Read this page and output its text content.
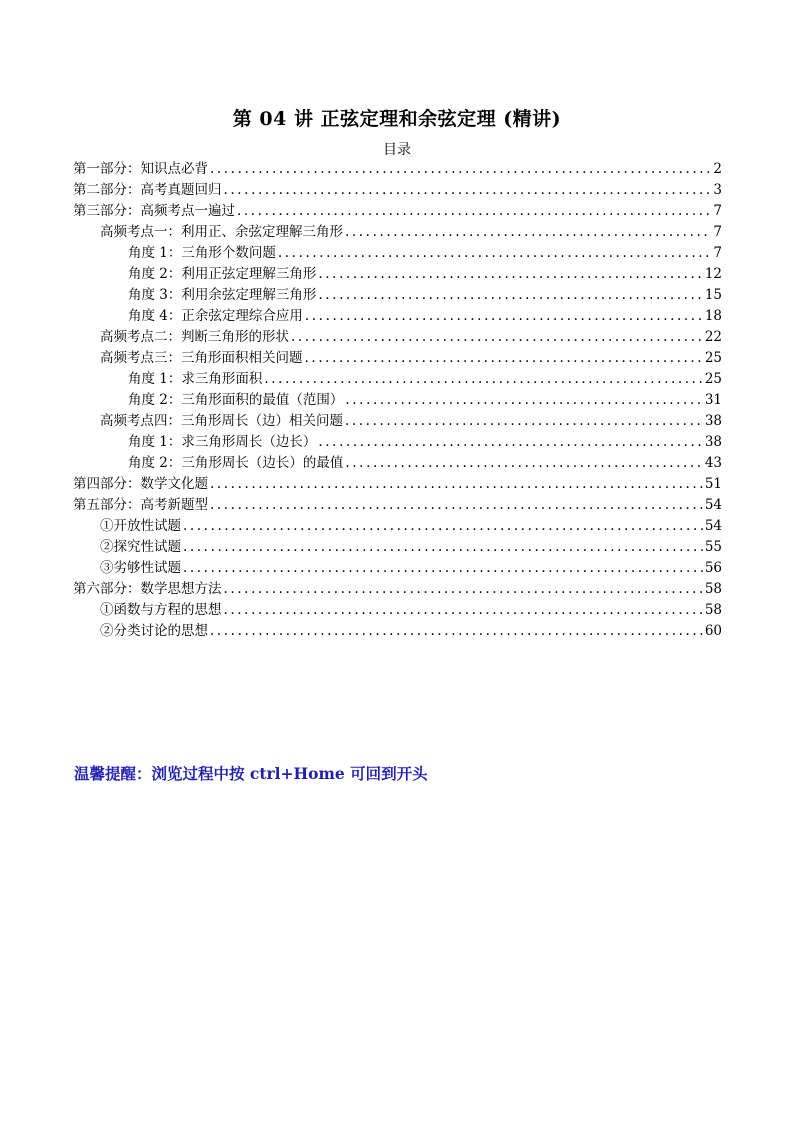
第 04 讲 正弦定理和余弦定理 (精讲)
目录
第一部分：知识点必背 .....	2
第二部分：高考真题回归 .....	3
第三部分：高频考点一遍过 .....	7
高频考点一：利用正、余弦定理解三角形 .....	7
角度 1：三角形个数问题 .....	7
角度 2：利用正弦定理解三角形 .....	12
角度 3：利用余弦定理解三角形 .....	15
角度 4：正余弦定理综合应用 .....	18
高频考点二：判断三角形的形状 .....	22
高频考点三：三角形面积相关问题 .....	25
角度 1：求三角形面积 .....	25
角度 2：三角形面积的最值（范围） .....	31
高频考点四：三角形周长（边）相关问题 .....	38
角度 1：求三角形周长（边长） .....	38
角度 2：三角形周长（边长）的最值 .....	43
第四部分：数学文化题 .....	51
第五部分：高考新题型 .....	54
①开放性试题 .....	54
②探究性试题 .....	55
③劣够性试题 .....	56
第六部分：数学思想方法 .....	58
①函数与方程的思想 .....	58
②分类讨论的思想 .....	60
温馨提醒：浏览过程中按 ctrl+Home 可回到开头
